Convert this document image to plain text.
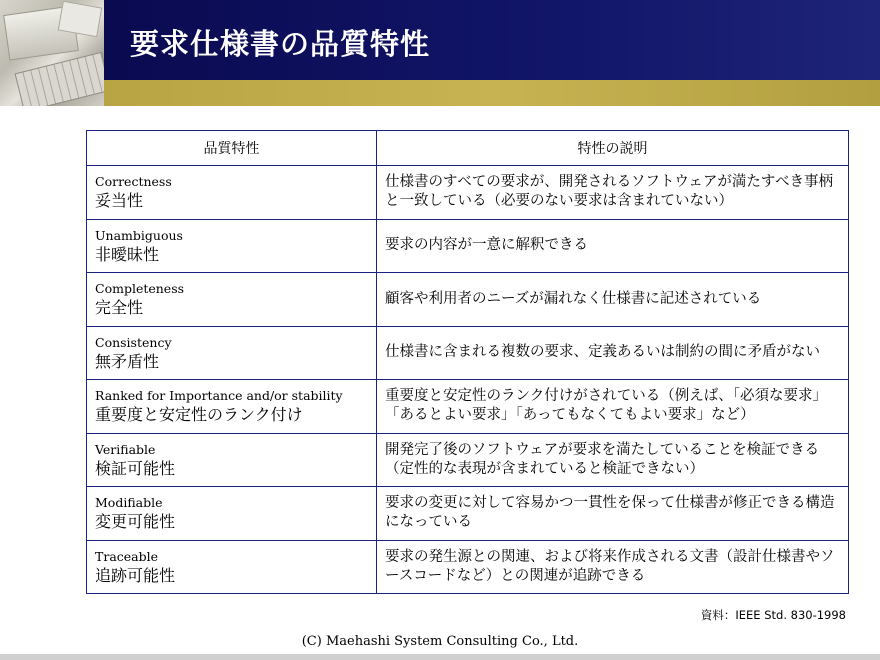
要求仕様書の品質特性
品質特性	特性の説明

Correctness
妥当性	仕様書のすべての要求が、開発されるソフトウェアが満たすべき事柄と一致している（必要のない要求は含まれていない）

Unambiguous
非曖昧性	要求の内容が一意に解釈できる

Completeness
完全性	顧客や利用者のニーズが漏れなく仕様書に記述されている

Consistency
無矛盾性	仕様書に含まれる複数の要求、定義あるいは制約の間に矛盾がない

Ranked for Importance and/or stability
重要度と安定性のランク付け	重要度と安定性のランク付けがされている（例えば、「必須な要求」「あるとよい要求」「あってもなくてもよい要求」など）

Verifiable
検証可能性	開発完了後のソフトウェアが要求を満たしていることを検証できる（定性的な表現が含まれていると検証できない）

Modifiable
変更可能性	要求の変更に対して容易かつ一貫性を保って仕様書が修正できる構造になっている

Traceable
追跡可能性	要求の発生源との関連、および将来作成される文書（設計仕様書やソースコードなど）との関連が追跡できる
資料：IEEE Std. 830-1998
(C) Maehashi System Consulting Co., Ltd.
